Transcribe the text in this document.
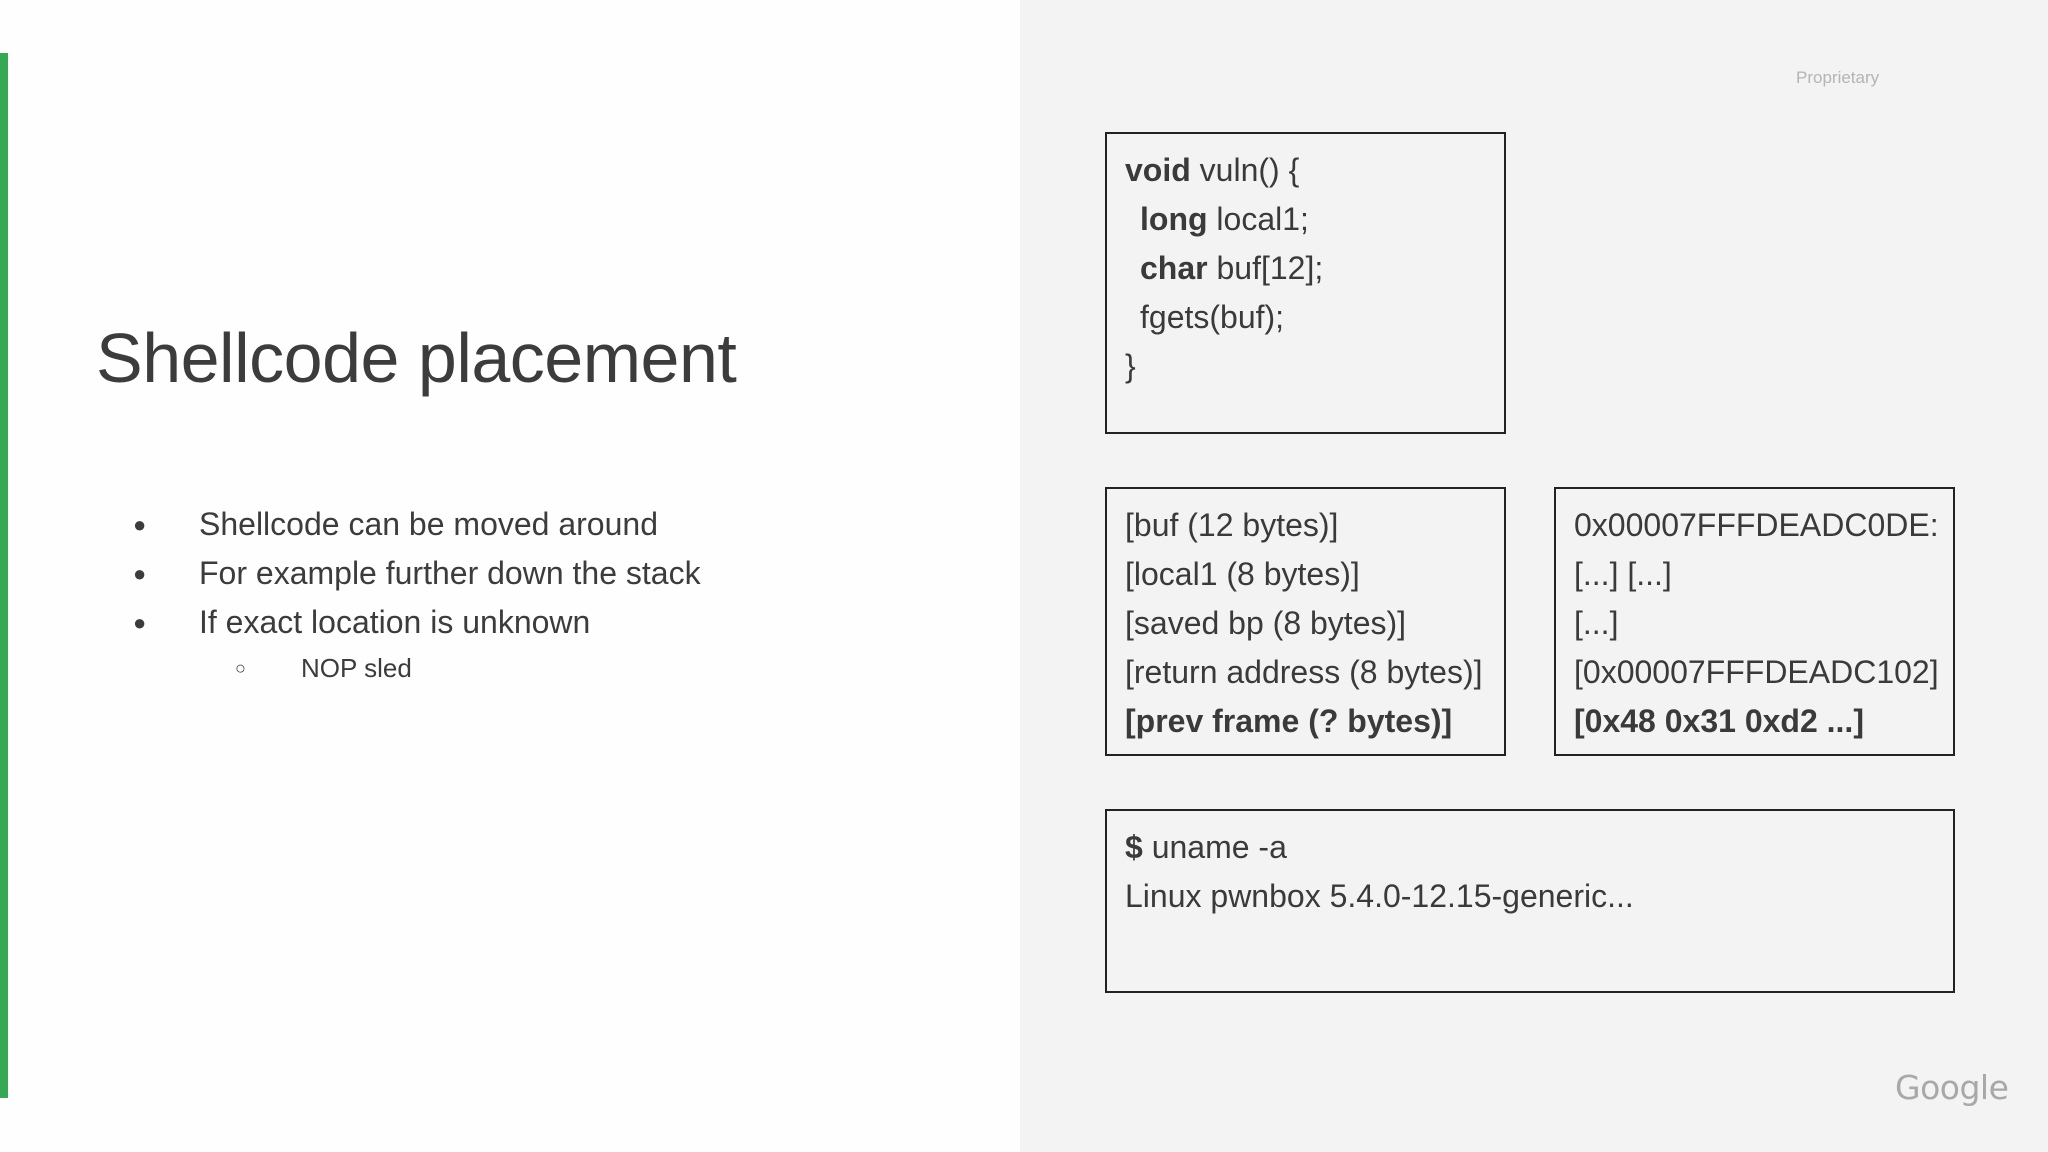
Shellcode placement
● Shellcode can be moved around
● For example further down the stack
● If exact location is unknown
○ NOP sled
Proprietary
void vuln() {
long local1;
char buf[12];
fgets(buf);
}
[buf (12 bytes)]
[local1 (8 bytes)]
[saved bp (8 bytes)]
[return address (8 bytes)]
[prev frame (? bytes)]
0x00007FFFDEADC0DE:
[...] [...]
[...]
[0x00007FFFDEADC102]
[0x48 0x31 0xd2 ...]
$ uname -a
Linux pwnbox 5.4.0-12.15-generic...
Google
